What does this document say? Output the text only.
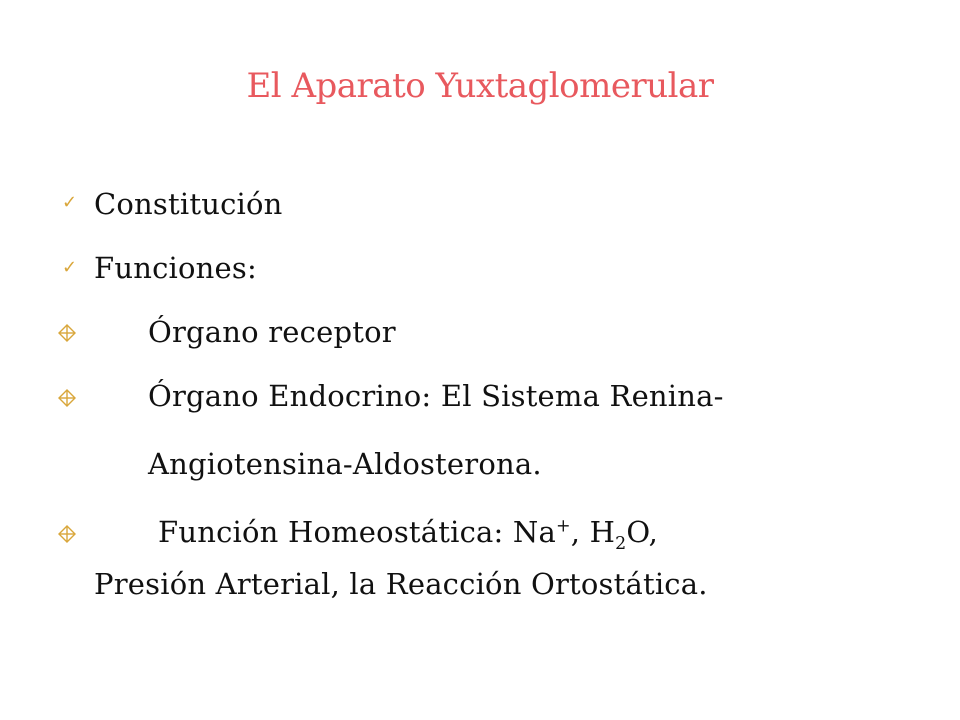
El Aparato Yuxtaglomerular
✓ Constitución
✓ Funciones:
Órgano receptor
Órgano Endocrino: El Sistema Renina-
Angiotensina-Aldosterona.
Función Homeostática: Na+, $H_2O$,
Presión Arterial, la Reacción Ortostática.
